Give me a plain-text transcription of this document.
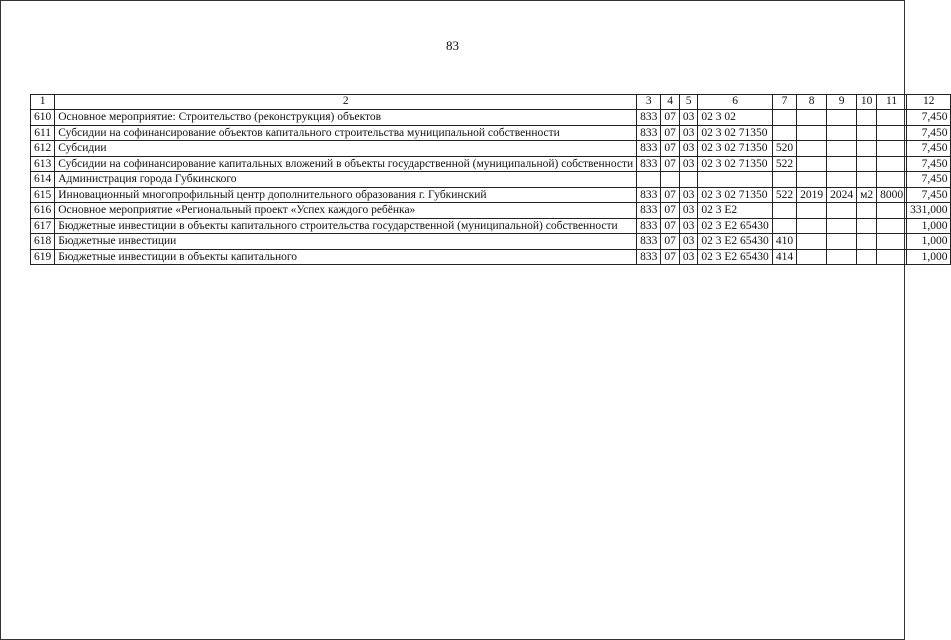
83
1	2	3	4	5	6	7	8	9	10	11	12
610	Основное мероприятие: Строительство (реконструкция) объектов	833	07	03	02 3 02						7,450
611	Субсидии на софинансирование объектов капитального строительства муниципальной собственности	833	07	03	02 3 02 71350						7,450
612	Субсидии	833	07	03	02 3 02 71350	520					7,450
613	Субсидии на софинансирование капитальных вложений в объекты государственной (муниципальной) собственности	833	07	03	02 3 02 71350	522					7,450
614	Администрация города Губкинского										7,450
615	Инновационный многопрофильный центр дополнительного образования г. Губкинский	833	07	03	02 3 02 71350	522	2019	2024	м2	8000	7,450
616	Основное мероприятие «Региональный проект «Успех каждого ребёнка»	833	07	03	02 3 Е2						331,000
617	Бюджетные инвестиции в объекты капитального строительства государственной (муниципальной) собственности	833	07	03	02 3 Е2 65430						1,000
618	Бюджетные инвестиции	833	07	03	02 3 Е2 65430	410					1,000
619	Бюджетные инвестиции в объекты капитального	833	07	03	02 3 Е2 65430	414					1,000
